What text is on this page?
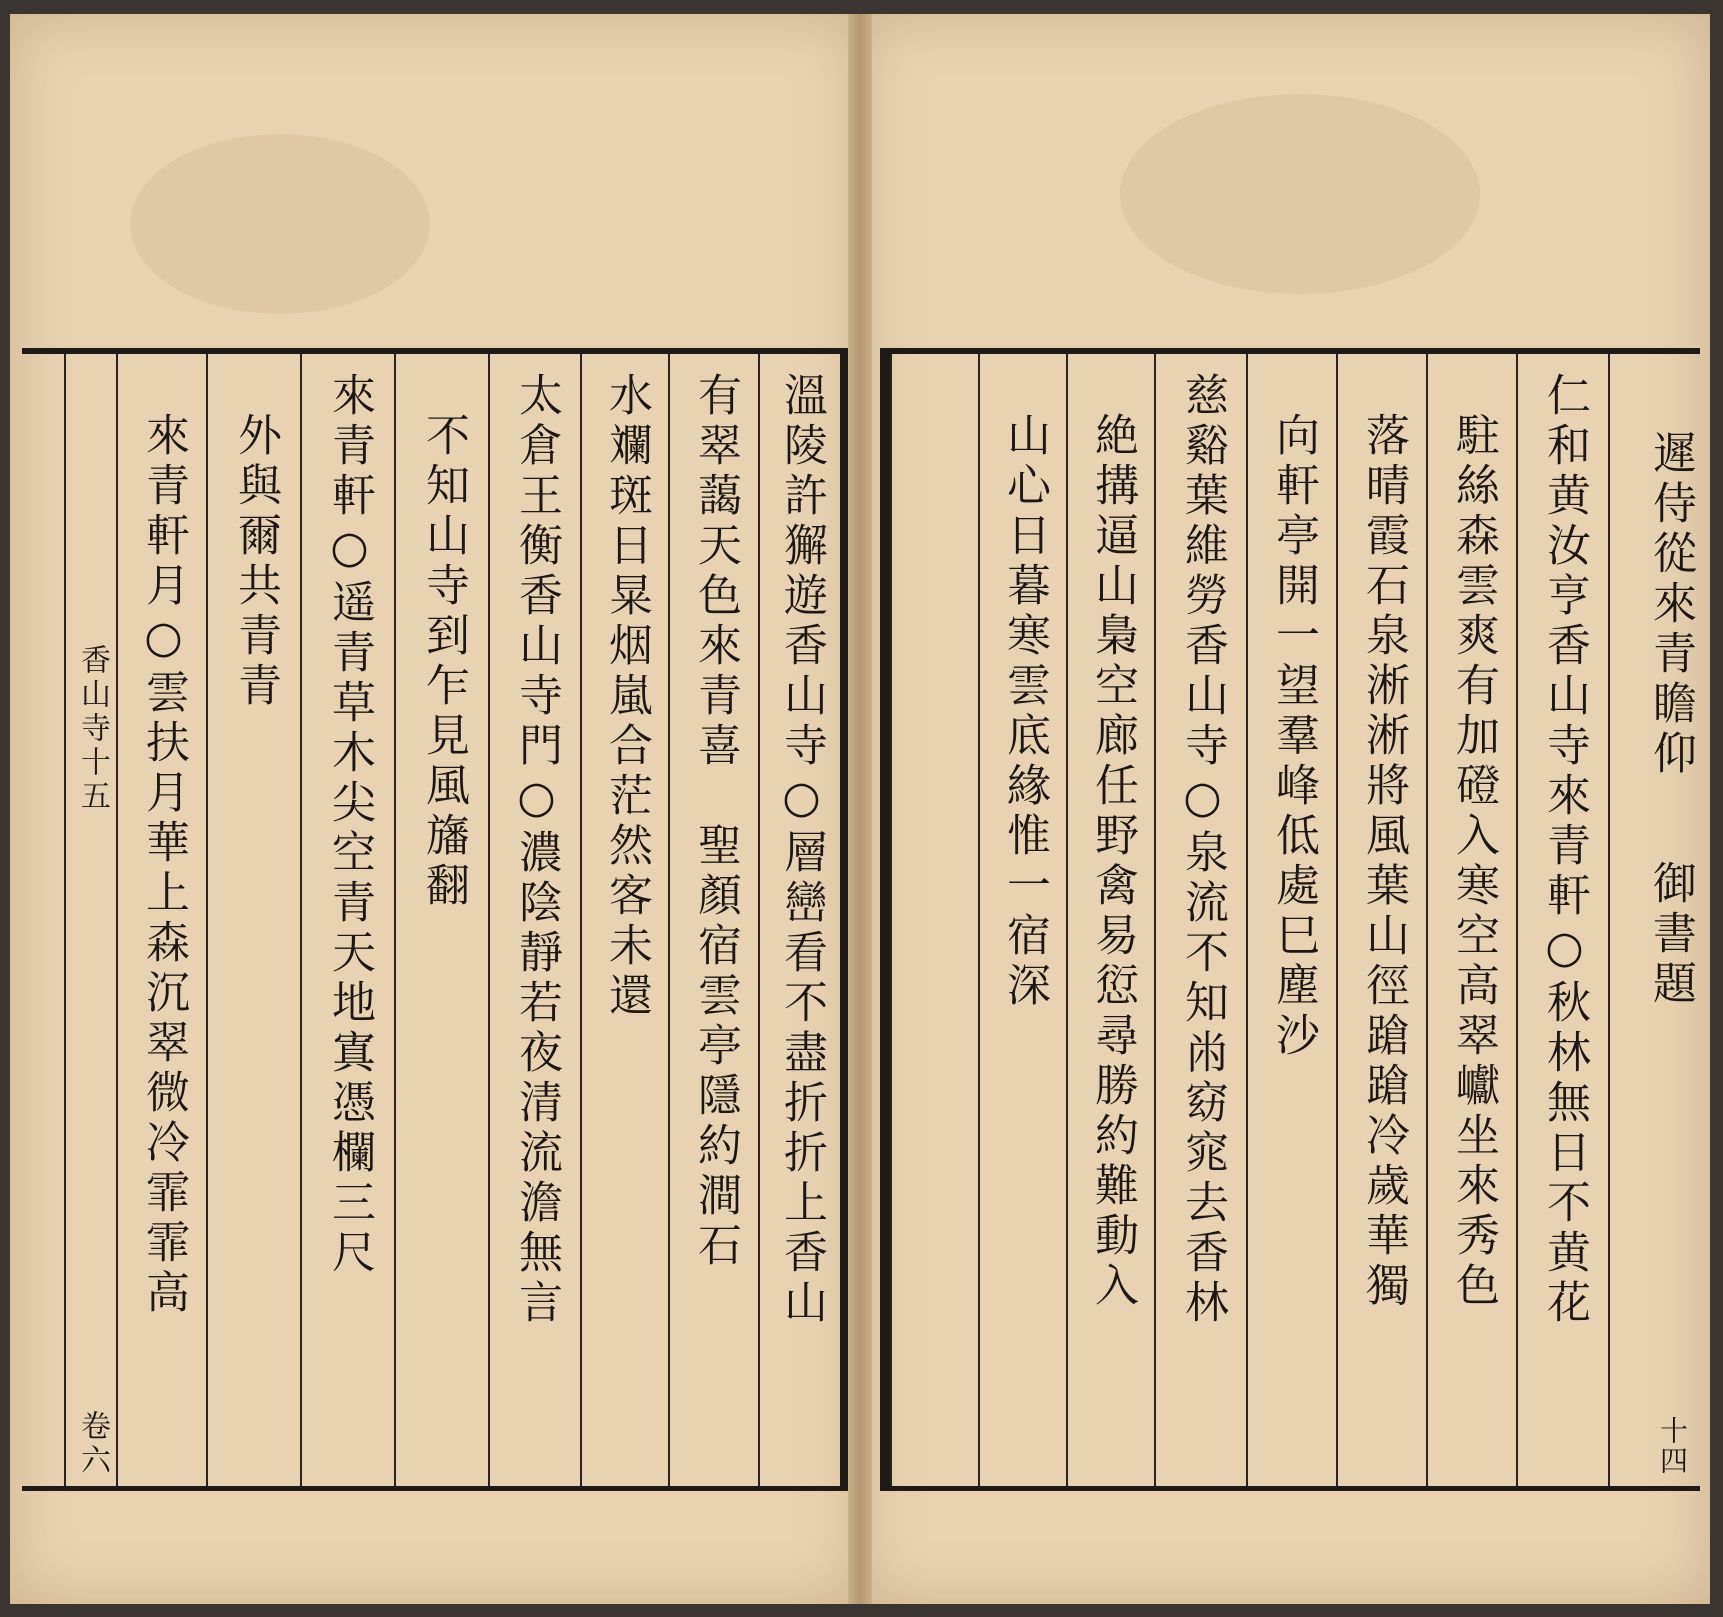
溫陵許獬遊香山寺○層巒看不盡折折上香山
有翠藹天色來青喜　聖顏宿雲亭隱約澗石
水斕斑日㫧烟嵐合茫然客未還
太倉王衡香山寺門○濃陰靜若夜清流澹無言
不知山寺到乍見風旛翻
來青軒○遥青草木尖空青天地寘憑欄三尺
外與爾共青青
來青軒月○雲扶月華上森沉翠微冷霏霏高
香山寺十五
卷六
遲侍從來青瞻仰
御書題
仁和黄汝亨香山寺來青軒○秋林無日不黄花
駐絲森雲爽有加磴入寒空高翠巘坐來秀色
落晴霞石泉淅淅將風葉山徑蹌蹌冷歲華獨
向軒亭開一望羣峰低處巳塵沙
慈谿葉維勞香山寺○泉流不知㡀窈窕去香林
絶搆逼山梟空廊任野禽易愆尋勝約難動入
山心日暮寒雲底緣惟一宿深
十四
